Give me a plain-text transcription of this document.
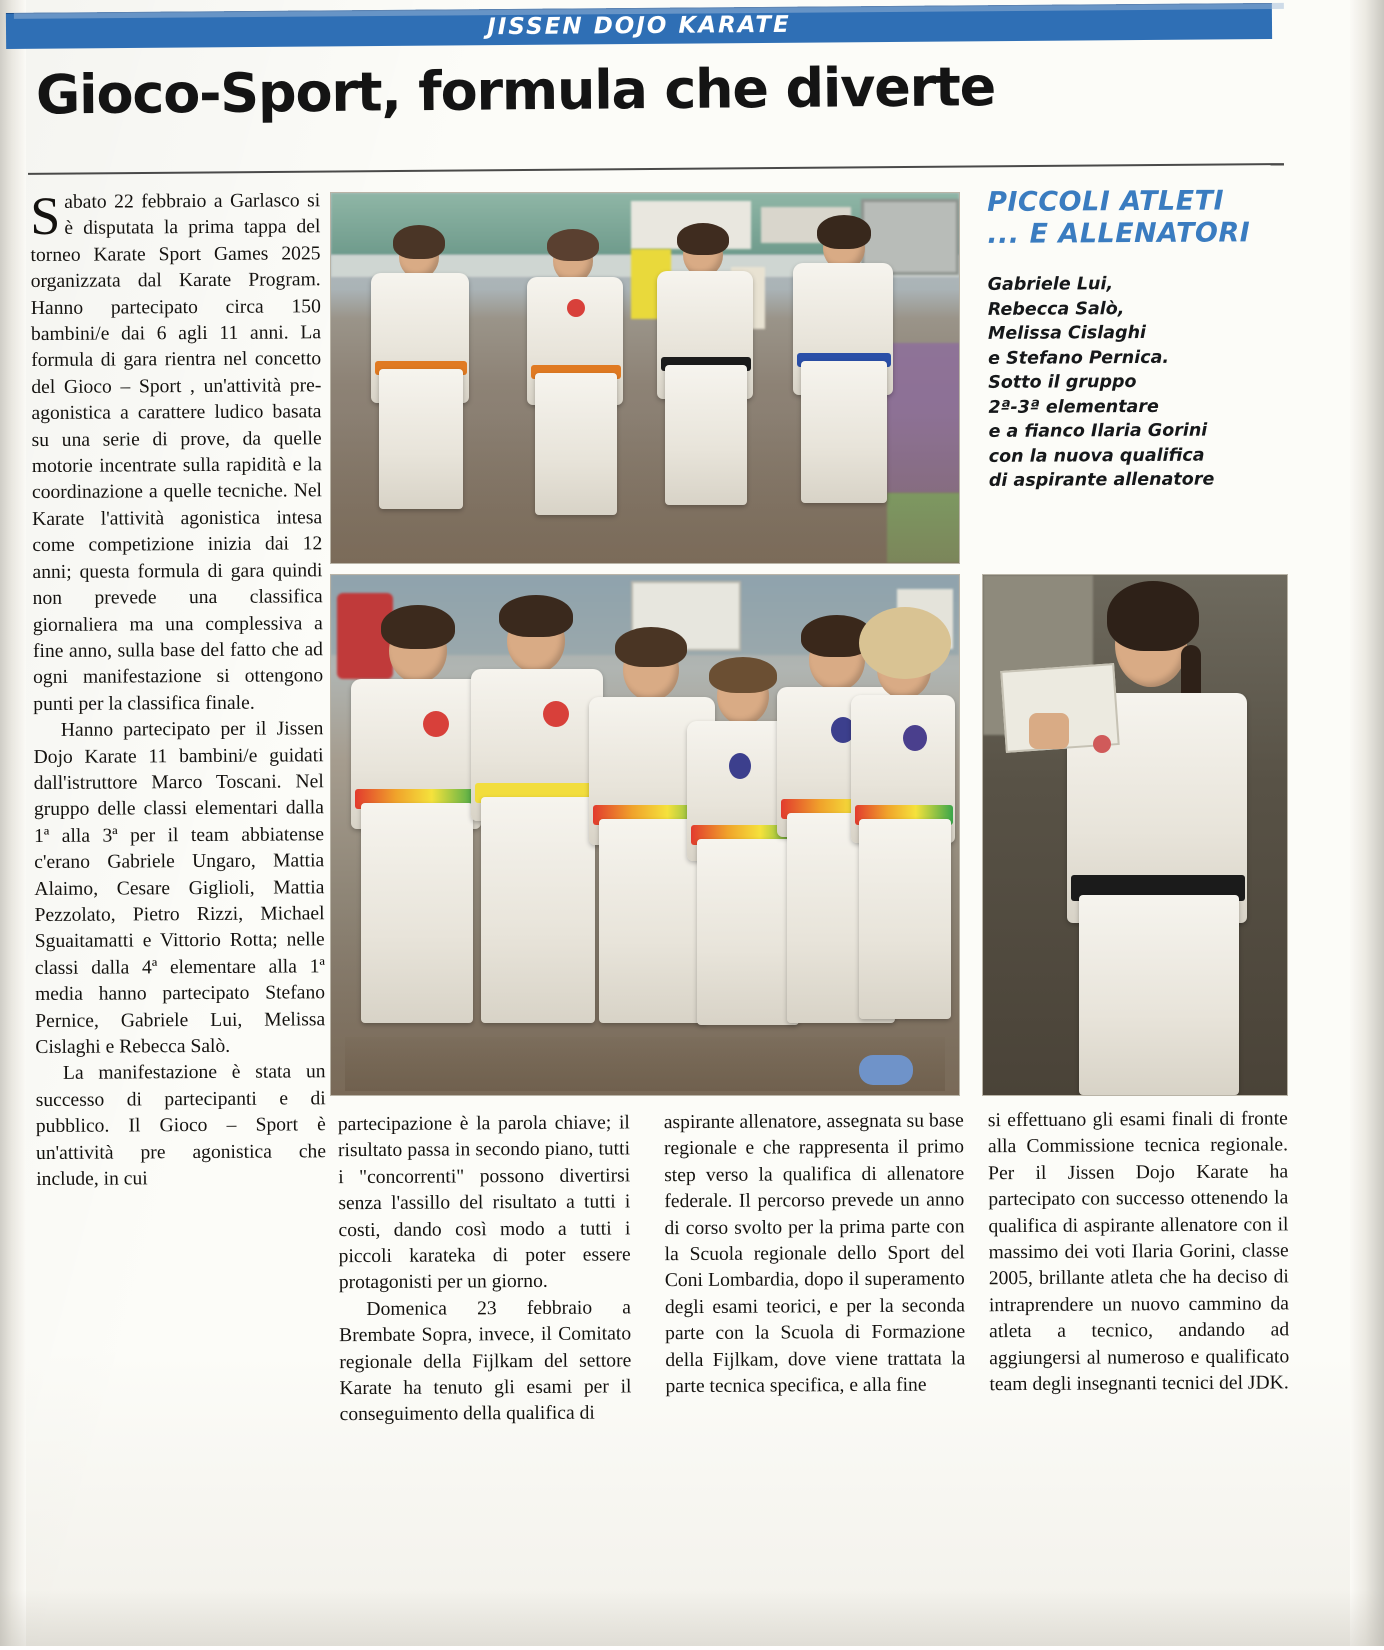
JISSEN DOJO KARATE
Gioco-Sport, formula che diverte

Sabato 22 febbraio a Garlasco si è disputata la prima tappa del torneo Karate Sport Games 2025 organizzata dal Karate Program. Hanno partecipato circa 150 bambini/e dai 6 agli 11 anni. La formula di gara rientra nel concetto del Gioco – Sport , un'attività pre-agonistica a carattere ludico basata su una serie di prove, da quelle motorie incentrate sulla rapidità e la coordinazione a quelle tecniche. Nel Karate l'attività agonistica intesa come competizione inizia dai 12 anni; questa formula di gara quindi non prevede una classifica giornaliera ma una complessiva a fine anno, sulla base del fatto che ad ogni manifestazione si ottengono punti per la classifica finale.

Hanno partecipato per il Jissen Dojo Karate 11 bambini/e guidati dall'istruttore Marco Toscani. Nel gruppo delle classi elementari dalla 1ª alla 3ª per il team abbiatense c'erano Gabriele Ungaro, Mattia Alaimo, Cesare Giglioli, Mattia Pezzolato, Pietro Rizzi, Michael Sguaitamatti e Vittorio Rotta; nelle classi dalla 4ª elementare alla 1ª media hanno partecipato Stefano Pernice, Gabriele Lui, Melissa Cislaghi e Rebecca Salò.

La manifestazione è stata un successo di partecipanti e di pubblico. Il Gioco – Sport è un'attività pre agonistica che include, in cui

partecipazione è la parola chiave; il risultato passa in secondo piano, tutti i "concorrenti" possono divertirsi senza l'assillo del risultato a tutti i costi, dando così modo a tutti i piccoli karateka di poter essere protagonisti per un giorno.

Domenica 23 febbraio a Brembate Sopra, invece, il Comitato regionale della Fijlkam del settore Karate ha tenuto gli esami per il conseguimento della qualifica di

aspirante allenatore, assegnata su base regionale e che rappresenta il primo step verso la qualifica di allenatore federale. Il percorso prevede un anno di corso svolto per la prima parte con la Scuola regionale dello Sport del Coni Lombardia, dopo il superamento degli esami teorici, e per la seconda parte con la Scuola di Formazione della Fijlkam, dove viene trattata la parte tecnica specifica, e alla fine

si effettuano gli esami finali di fronte alla Commissione tecnica regionale. Per il Jissen Dojo Karate ha partecipato con successo ottenendo la qualifica di aspirante allenatore con il massimo dei voti Ilaria Gorini, classe 2005, brillante atleta che ha deciso di intraprendere un nuovo cammino da atleta a tecnico, andando ad aggiungersi al numeroso e qualificato team degli insegnanti tecnici del JDK.

PICCOLI ATLETI
... E ALLENATORI
Gabriele Lui,
Rebecca Salò,
Melissa Cislaghi
e Stefano Pernica.
Sotto il gruppo
2ª-3ª elementare
e a fianco Ilaria Gorini
con la nuova qualifica
di aspirante allenatore
